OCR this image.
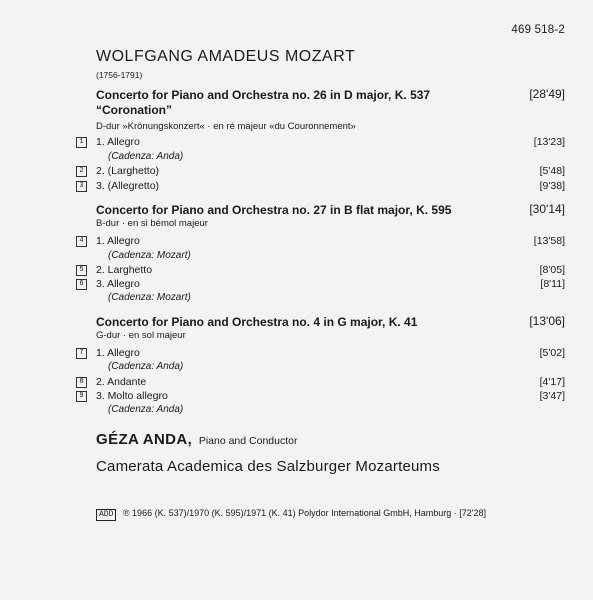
469 518-2
WOLFGANG AMADEUS MOZART
(1756-1791)
Concerto for Piano and Orchestra no. 26 in D major, K. 537
“Coronation”
[28'49]
D-dur »Krönungskonzert« · en ré majeur «du Couronnement»
1	1. Allegro	[13'23]
(Cadenza: Anda)
2	2. (Larghetto)	[5'48]
3	3. (Allegretto)	[9'38]
Concerto for Piano and Orchestra no. 27 in B flat major, K. 595	[30'14]
B-dur · en si bémol majeur
4	1. Allegro	[13'58]
(Cadenza: Mozart)
5	2. Larghetto	[8'05]
6	3. Allegro	[8'11]
(Cadenza: Mozart)
Concerto for Piano and Orchestra no. 4 in G major, K. 41	[13'06]
G-dur · en sol majeur
7	1. Allegro	[5'02]
(Cadenza: Anda)
8	2. Andante	[4'17]
9	3. Molto allegro	[3'47]
(Cadenza: Anda)
GÉZA ANDA, Piano and Conductor
Camerata Academica des Salzburger Mozarteums
ADD ℗ 1966 (K. 537)/1970 (K. 595)/1971 (K. 41) Polydor International GmbH, Hamburg · [72'28]
